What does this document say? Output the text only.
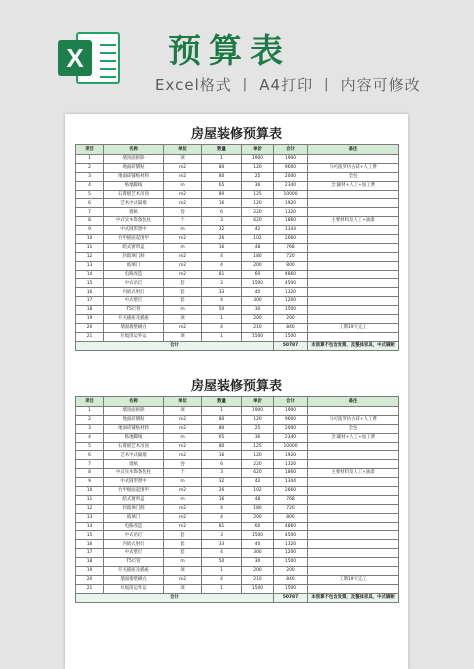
X	预算表
Excel格式 丨 A4打印 丨 内容可修改
房屋装修预算表
项目	名称	单位	数量	单价	合计	备注
1	墙顶面拆除	项	1	1900	1900	
2	地面砖铺贴	m2	80	120	9600	马可波罗仿古砖+人工费
3	地面砖铺贴材料	m2	80	25	2000	全包
4	贴地脚线	m	65	36	2340	含:辅材+人工+加工费
5	石膏板艺术吊顶	m2	80	125	10000	
6	艺术中式隔墙	m2	16	120	1920	
7	墙纸	卷	6	220	1320	
8	中式实木饰条包柱	个	3	620	1860	主要材料及人工+油漆
9	中式圆形窗中	m	32	42	1344	
10	竹甲板面起围甲	m2	26	102	2660	
11	暗式窗帘盒	m	16	48	768	
12	封玻璃门洞	m2	4	180	720	
13	玻璃门	m2	4	200	800	
14	电路改造	m2	81	60	4860	
15	中式吊灯	套	3	1500	4500	
16	内嵌式射灯	套	33	40	1320	
17	中式壁灯	套	4	300	1200	
18	T5灯管	m	50	30	1500	
19	开关插座及插座	项	1	200	200	
20	墙面墙壁刷白	m2	4	210	840	工期19天完工
21	垃圾清运外运	项	1	1500	1500	
合计					50787	本预算不包含发票，及整体家具，中式隔断
房屋装修预算表
项目	名称	单位	数量	单价	合计	备注
1	墙顶面拆除	项	1	1900	1900	
2	地面砖铺贴	m2	80	120	9600	马可波罗仿古砖+人工费
3	地面砖铺贴材料	m2	80	25	2000	全包
4	贴地脚线	m	65	36	2340	含:辅材+人工+加工费
5	石膏板艺术吊顶	m2	80	125	10000	
6	艺术中式隔墙	m2	16	120	1920	
7	墙纸	卷	6	220	1320	
8	中式实木饰条包柱	个	3	620	1860	主要材料及人工+油漆
9	中式圆形窗中	m	32	42	1344	
10	竹甲板面起围甲	m2	26	102	2660	
11	暗式窗帘盒	m	16	48	768	
12	封玻璃门洞	m2	4	180	720	
13	玻璃门	m2	4	200	800	
14	电路改造	m2	81	60	4860	
15	中式吊灯	套	3	1500	4500	
16	内嵌式射灯	套	33	40	1320	
17	中式壁灯	套	4	300	1200	
18	T5灯管	m	50	30	1500	
19	开关插座及插座	项	1	200	200	
20	墙面墙壁刷白	m2	4	210	840	工期19天完工
21	垃圾清运外运	项	1	1500	1500	
合计					50787	本预算不包含发票，及整体家具，中式隔断
